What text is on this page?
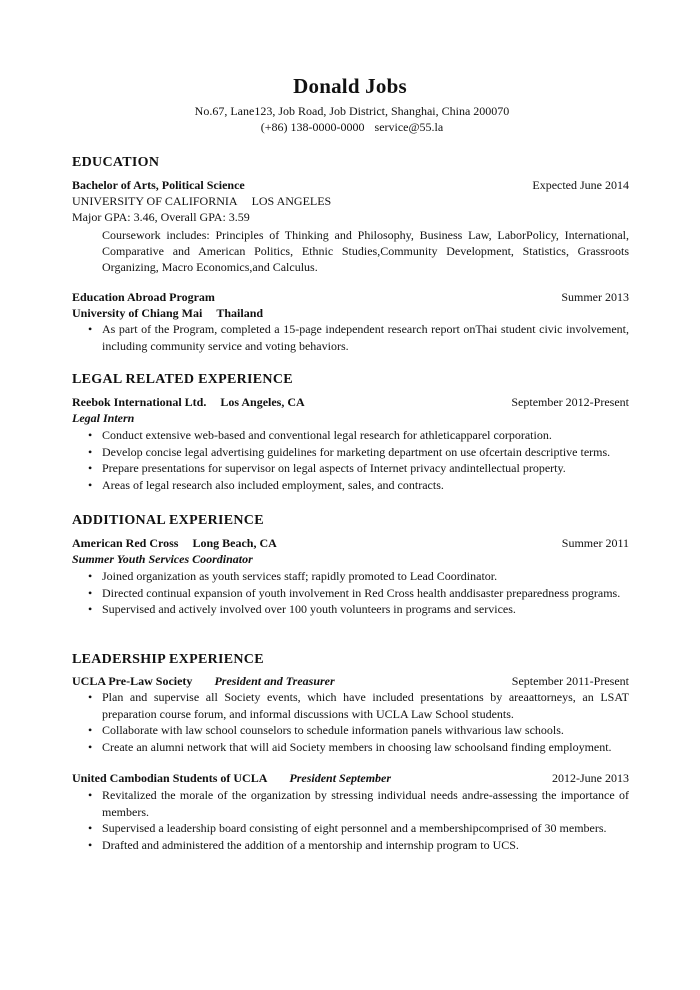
Donald Jobs
No.67, Lane123, Job Road, Job District, Shanghai, China 200070
(+86) 138-0000-0000 service@55.la
EDUCATION
Bachelor of Arts, Political Science	Expected June 2014
UNIVERSITY OF CALIFORNIA LOS ANGELES
Major GPA: 3.46, Overall GPA: 3.59
Coursework includes: Principles of Thinking and Philosophy, Business Law, LaborPolicy, International, Comparative and American Politics, Ethnic Studies,Community Development, Statistics, Grassroots Organizing, Macro Economics,and Calculus.
Education Abroad Program	Summer 2013
University of Chiang Mai Thailand
• As part of the Program, completed a 15-page independent research report onThai student civic involvement, including community service and voting behaviors.
LEGAL RELATED EXPERIENCE
Reebok International Ltd. Los Angeles, CA	September 2012-Present
Legal Intern
• Conduct extensive web-based and conventional legal research for athleticapparel corporation.
• Develop concise legal advertising guidelines for marketing department on use ofcertain descriptive terms.
• Prepare presentations for supervisor on legal aspects of Internet privacy andintellectual property.
• Areas of legal research also included employment, sales, and contracts.
ADDITIONAL EXPERIENCE
American Red Cross Long Beach, CA	Summer 2011
Summer Youth Services Coordinator
• Joined organization as youth services staff; rapidly promoted to Lead Coordinator.
• Directed continual expansion of youth involvement in Red Cross health anddisaster preparedness programs.
• Supervised and actively involved over 100 youth volunteers in programs and services.
LEADERSHIP EXPERIENCE
UCLA Pre-Law Society President and Treasurer	September 2011-Present
• Plan and supervise all Society events, which have included presentations by areaattorneys, an LSAT preparation course forum, and informal discussions with UCLA Law School students.
• Collaborate with law school counselors to schedule information panels withvarious law schools.
• Create an alumni network that will aid Society members in choosing law schoolsand finding employment.
United Cambodian Students of UCLA President September	2012-June 2013
• Revitalized the morale of the organization by stressing individual needs andre-assessing the importance of members.
• Supervised a leadership board consisting of eight personnel and a membershipcomprised of 30 members.
• Drafted and administered the addition of a mentorship and internship program to UCS.
